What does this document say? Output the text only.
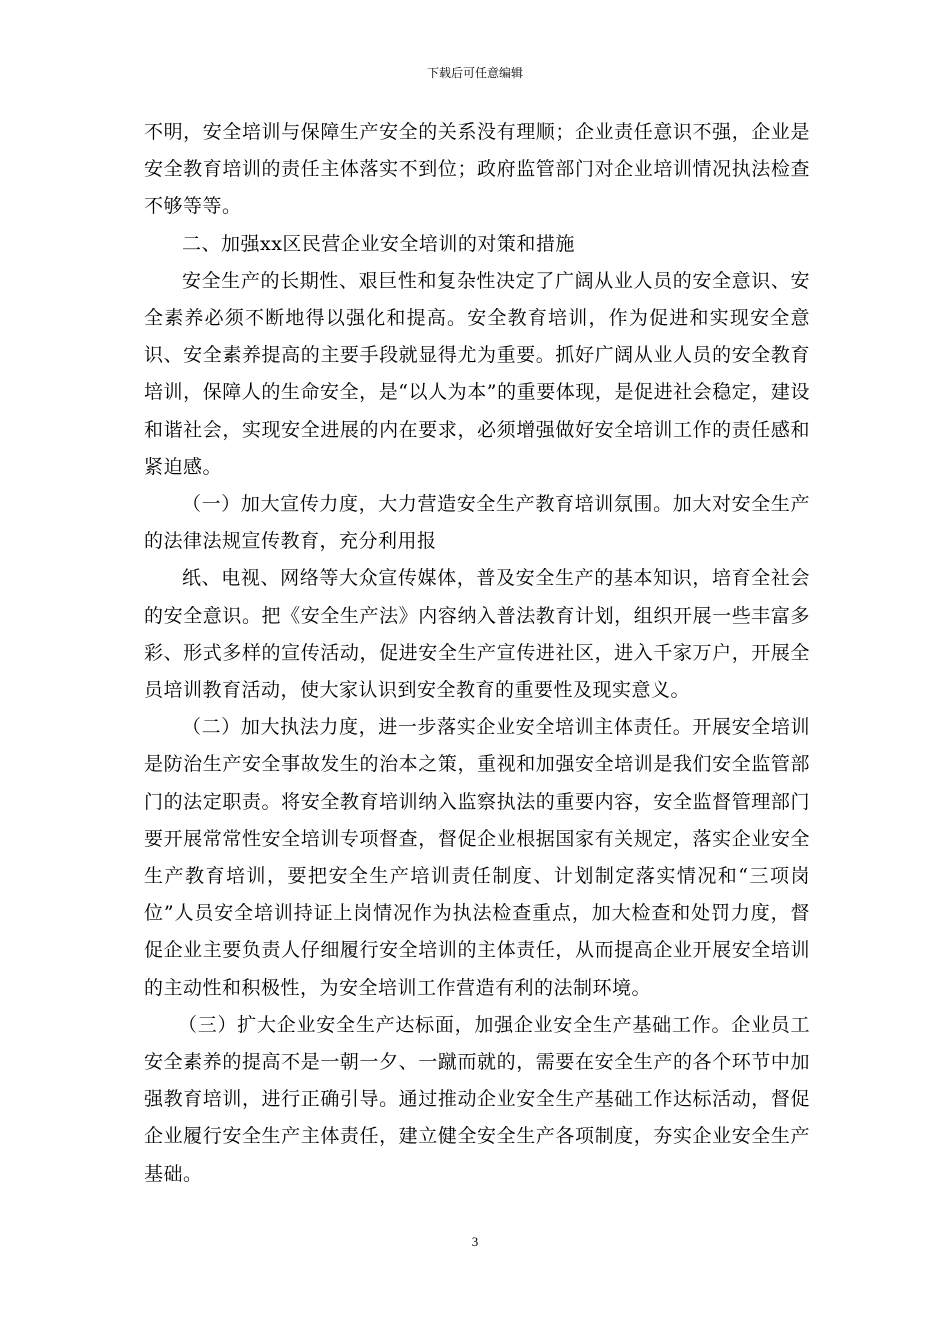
下载后可任意编辑

不明，安全培训与保障生产安全的关系没有理顺；企业责任意识不强，企业是安全教育培训的责任主体落实不到位；政府监管部门对企业培训情况执法检查不够等等。

二、加强xx区民营企业安全培训的对策和措施

安全生产的长期性、艰巨性和复杂性决定了广阔从业人员的安全意识、安全素养必须不断地得以强化和提高。安全教育培训，作为促进和实现安全意识、安全素养提高的主要手段就显得尤为重要。抓好广阔从业人员的安全教育培训，保障人的生命安全，是“以人为本”的重要体现，是促进社会稳定，建设和谐社会，实现安全进展的内在要求，必须增强做好安全培训工作的责任感和紧迫感。

（一）加大宣传力度，大力营造安全生产教育培训氛围。加大对安全生产的法律法规宣传教育，充分利用报

纸、电视、网络等大众宣传媒体，普及安全生产的基本知识，培育全社会的安全意识。把《安全生产法》内容纳入普法教育计划，组织开展一些丰富多彩、形式多样的宣传活动，促进安全生产宣传进社区，进入千家万户，开展全员培训教育活动，使大家认识到安全教育的重要性及现实意义。

（二）加大执法力度，进一步落实企业安全培训主体责任。开展安全培训是防治生产安全事故发生的治本之策，重视和加强安全培训是我们安全监管部门的法定职责。将安全教育培训纳入监察执法的重要内容，安全监督管理部门要开展常常性安全培训专项督查，督促企业根据国家有关规定，落实企业安全生产教育培训，要把安全生产培训责任制度、计划制定落实情况和“三项岗位”人员安全培训持证上岗情况作为执法检查重点，加大检查和处罚力度，督促企业主要负责人仔细履行安全培训的主体责任，从而提高企业开展安全培训的主动性和积极性，为安全培训工作营造有利的法制环境。

（三）扩大企业安全生产达标面，加强企业安全生产基础工作。企业员工安全素养的提高不是一朝一夕、一蹴而就的，需要在安全生产的各个环节中加强教育培训，进行正确引导。通过推动企业安全生产基础工作达标活动，督促企业履行安全生产主体责任，建立健全安全生产各项制度，夯实企业安全生产基础。

3
